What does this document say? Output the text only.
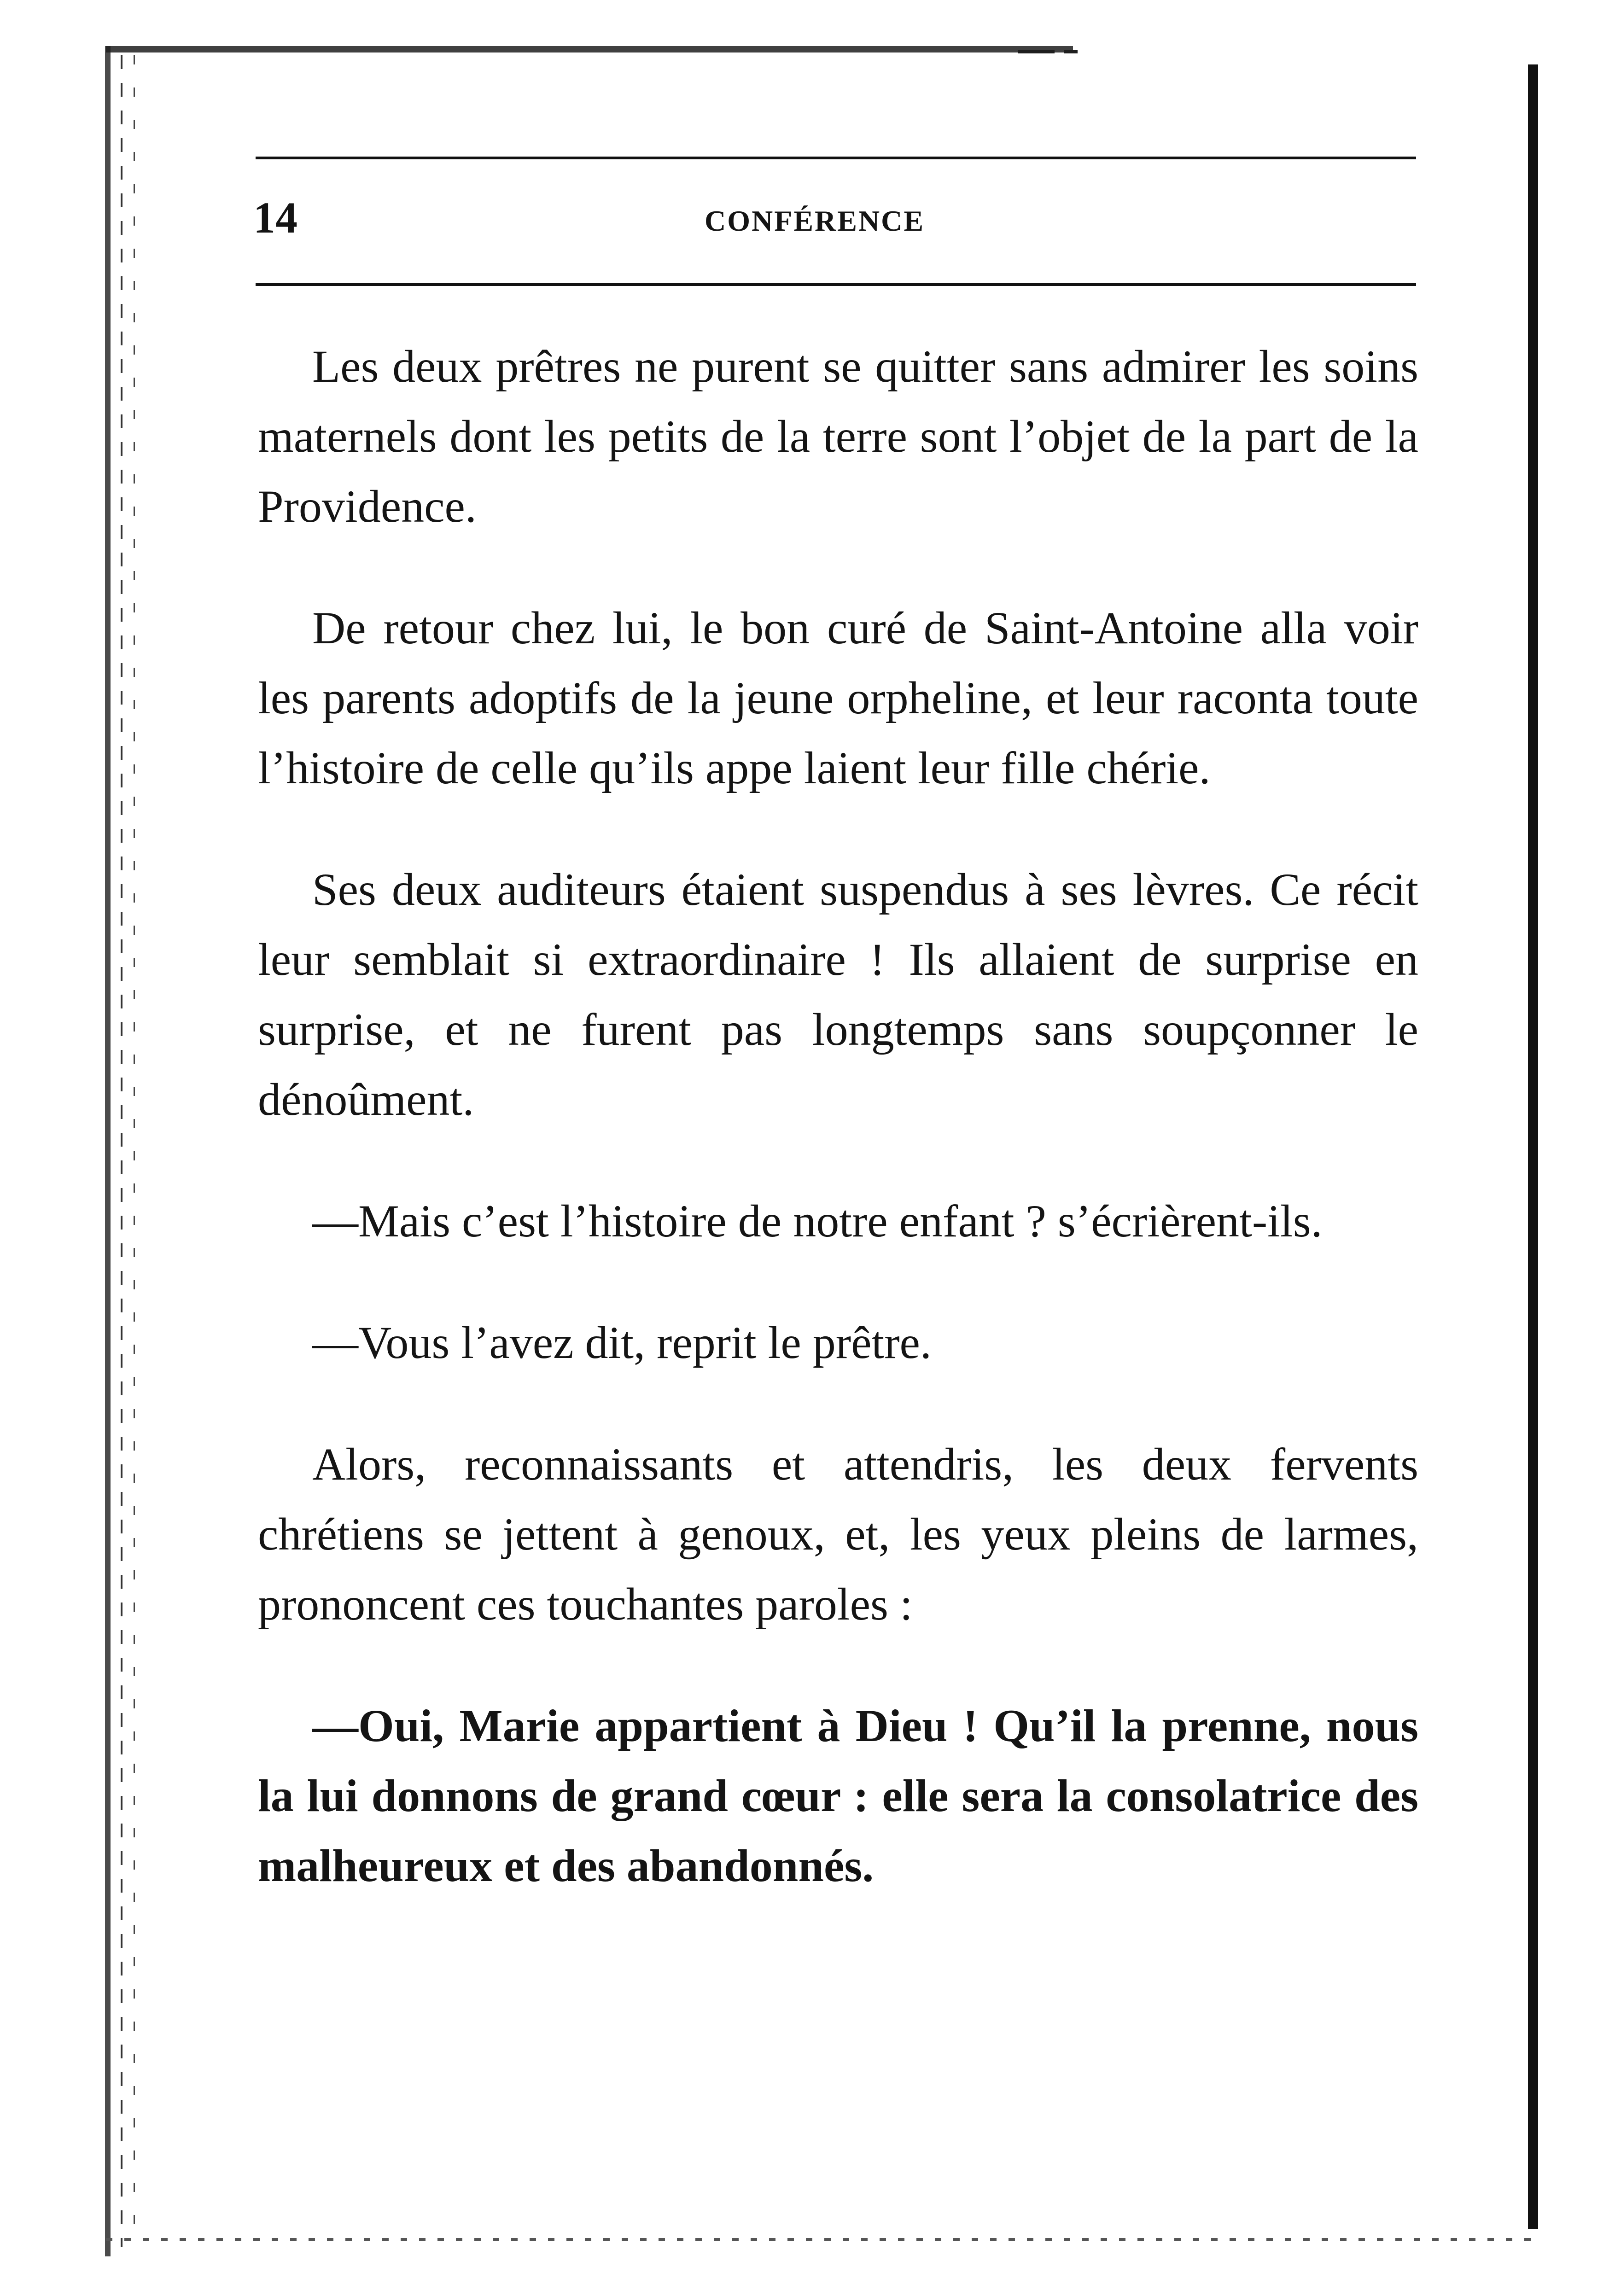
14	CONFÉRENCE

Les deux prêtres ne purent se quitter sans admirer les soins maternels dont les petits de la terre sont l’objet de la part de la Providence.

De retour chez lui, le bon curé de Saint-Antoine alla voir les parents adoptifs de la jeune orpheline, et leur raconta toute l’histoire de celle qu’ils appe laient leur fille chérie.

Ses deux auditeurs étaient suspendus à ses lèvres. Ce récit leur semblait si extraordinaire ! Ils allaient de surprise en surprise, et ne furent pas longtemps sans soupçonner le dénoûment.

—Mais c’est l’histoire de notre enfant ? s’écrièrent-ils.

—Vous l’avez dit, reprit le prêtre.

Alors, reconnaissants et attendris, les deux fervents chrétiens se jettent à genoux, et, les yeux pleins de larmes, prononcent ces touchantes paroles :

—Oui, Marie appartient à Dieu ! Qu’il la prenne, nous la lui donnons de grand cœur : elle sera la consolatrice des malheureux et des abandonnés.
